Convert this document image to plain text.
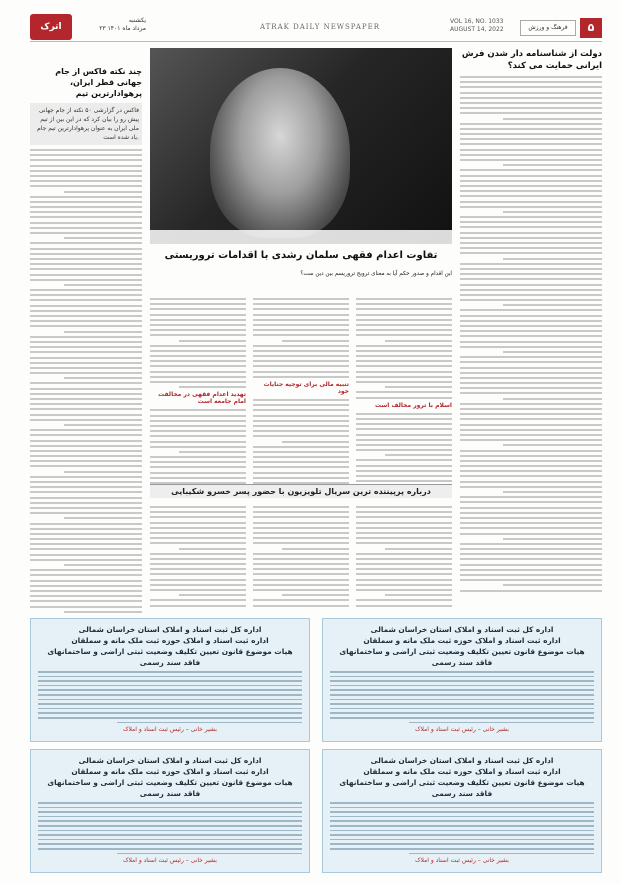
اترک
یکشنبه
۲۳ مرداد ماه ۱۴۰۱	ATRAK DAILY NEWSPAPER
VOL 16, NO. 1033
AUGUST 14, 2022	فرهنگ و ورزش	۵
دولت از شناسنامه دار شدن فرش ایرانی حمایت می کند؟
چند نکته فاکس از جام جهانی قطر ایران، پرهوادارترین تیم
فاکس در گزارشی ۵۰ نکته از جام جهانی پیش رو را بیان کرد که در این بین از تیم ملی ایران به عنوان پرهوادارترین تیم جام یاد شده است.
تفاوت اعدام فقهی سلمان رشدی با اقدامات تروریستی
این اقدام و صدور حکم آیا به معنای ترویج تروریسم بین دین ست؟
اسلام با ترور مخالف است
تنبیه مالی برای توجیه جنایات خود
تهدید اعدام فقهی در مخالفت امام جامعه است
درباره پرپیننده ترین سریال تلویزیون با حضور پسر خسرو شکیبایی
اداره کل ثبت اسناد و املاک استان خراسان شمالی
اداره ثبت اسناد و املاک حوزه ثبت ملک مانه و سملقان
هیات موضوع قانون تعیین تکلیف وضعیت ثبتی اراضی و ساختمانهای فاقد سند رسمی
بشیر خانی – رئیس ثبت اسناد و املاک
اداره کل ثبت اسناد و املاک استان خراسان شمالی
اداره ثبت اسناد و املاک حوزه ثبت ملک مانه و سملقان
هیات موضوع قانون تعیین تکلیف وضعیت ثبتی اراضی و ساختمانهای فاقد سند رسمی
بشیر خانی – رئیس ثبت اسناد و املاک
اداره کل ثبت اسناد و املاک استان خراسان شمالی
اداره ثبت اسناد و املاک حوزه ثبت ملک مانه و سملقان
هیات موضوع قانون تعیین تکلیف وضعیت ثبتی اراضی و ساختمانهای فاقد سند رسمی
بشیر خانی – رئیس ثبت اسناد و املاک
اداره کل ثبت اسناد و املاک استان خراسان شمالی
اداره ثبت اسناد و املاک حوزه ثبت ملک مانه و سملقان
هیات موضوع قانون تعیین تکلیف وضعیت ثبتی اراضی و ساختمانهای فاقد سند رسمی
بشیر خانی – رئیس ثبت اسناد و املاک
